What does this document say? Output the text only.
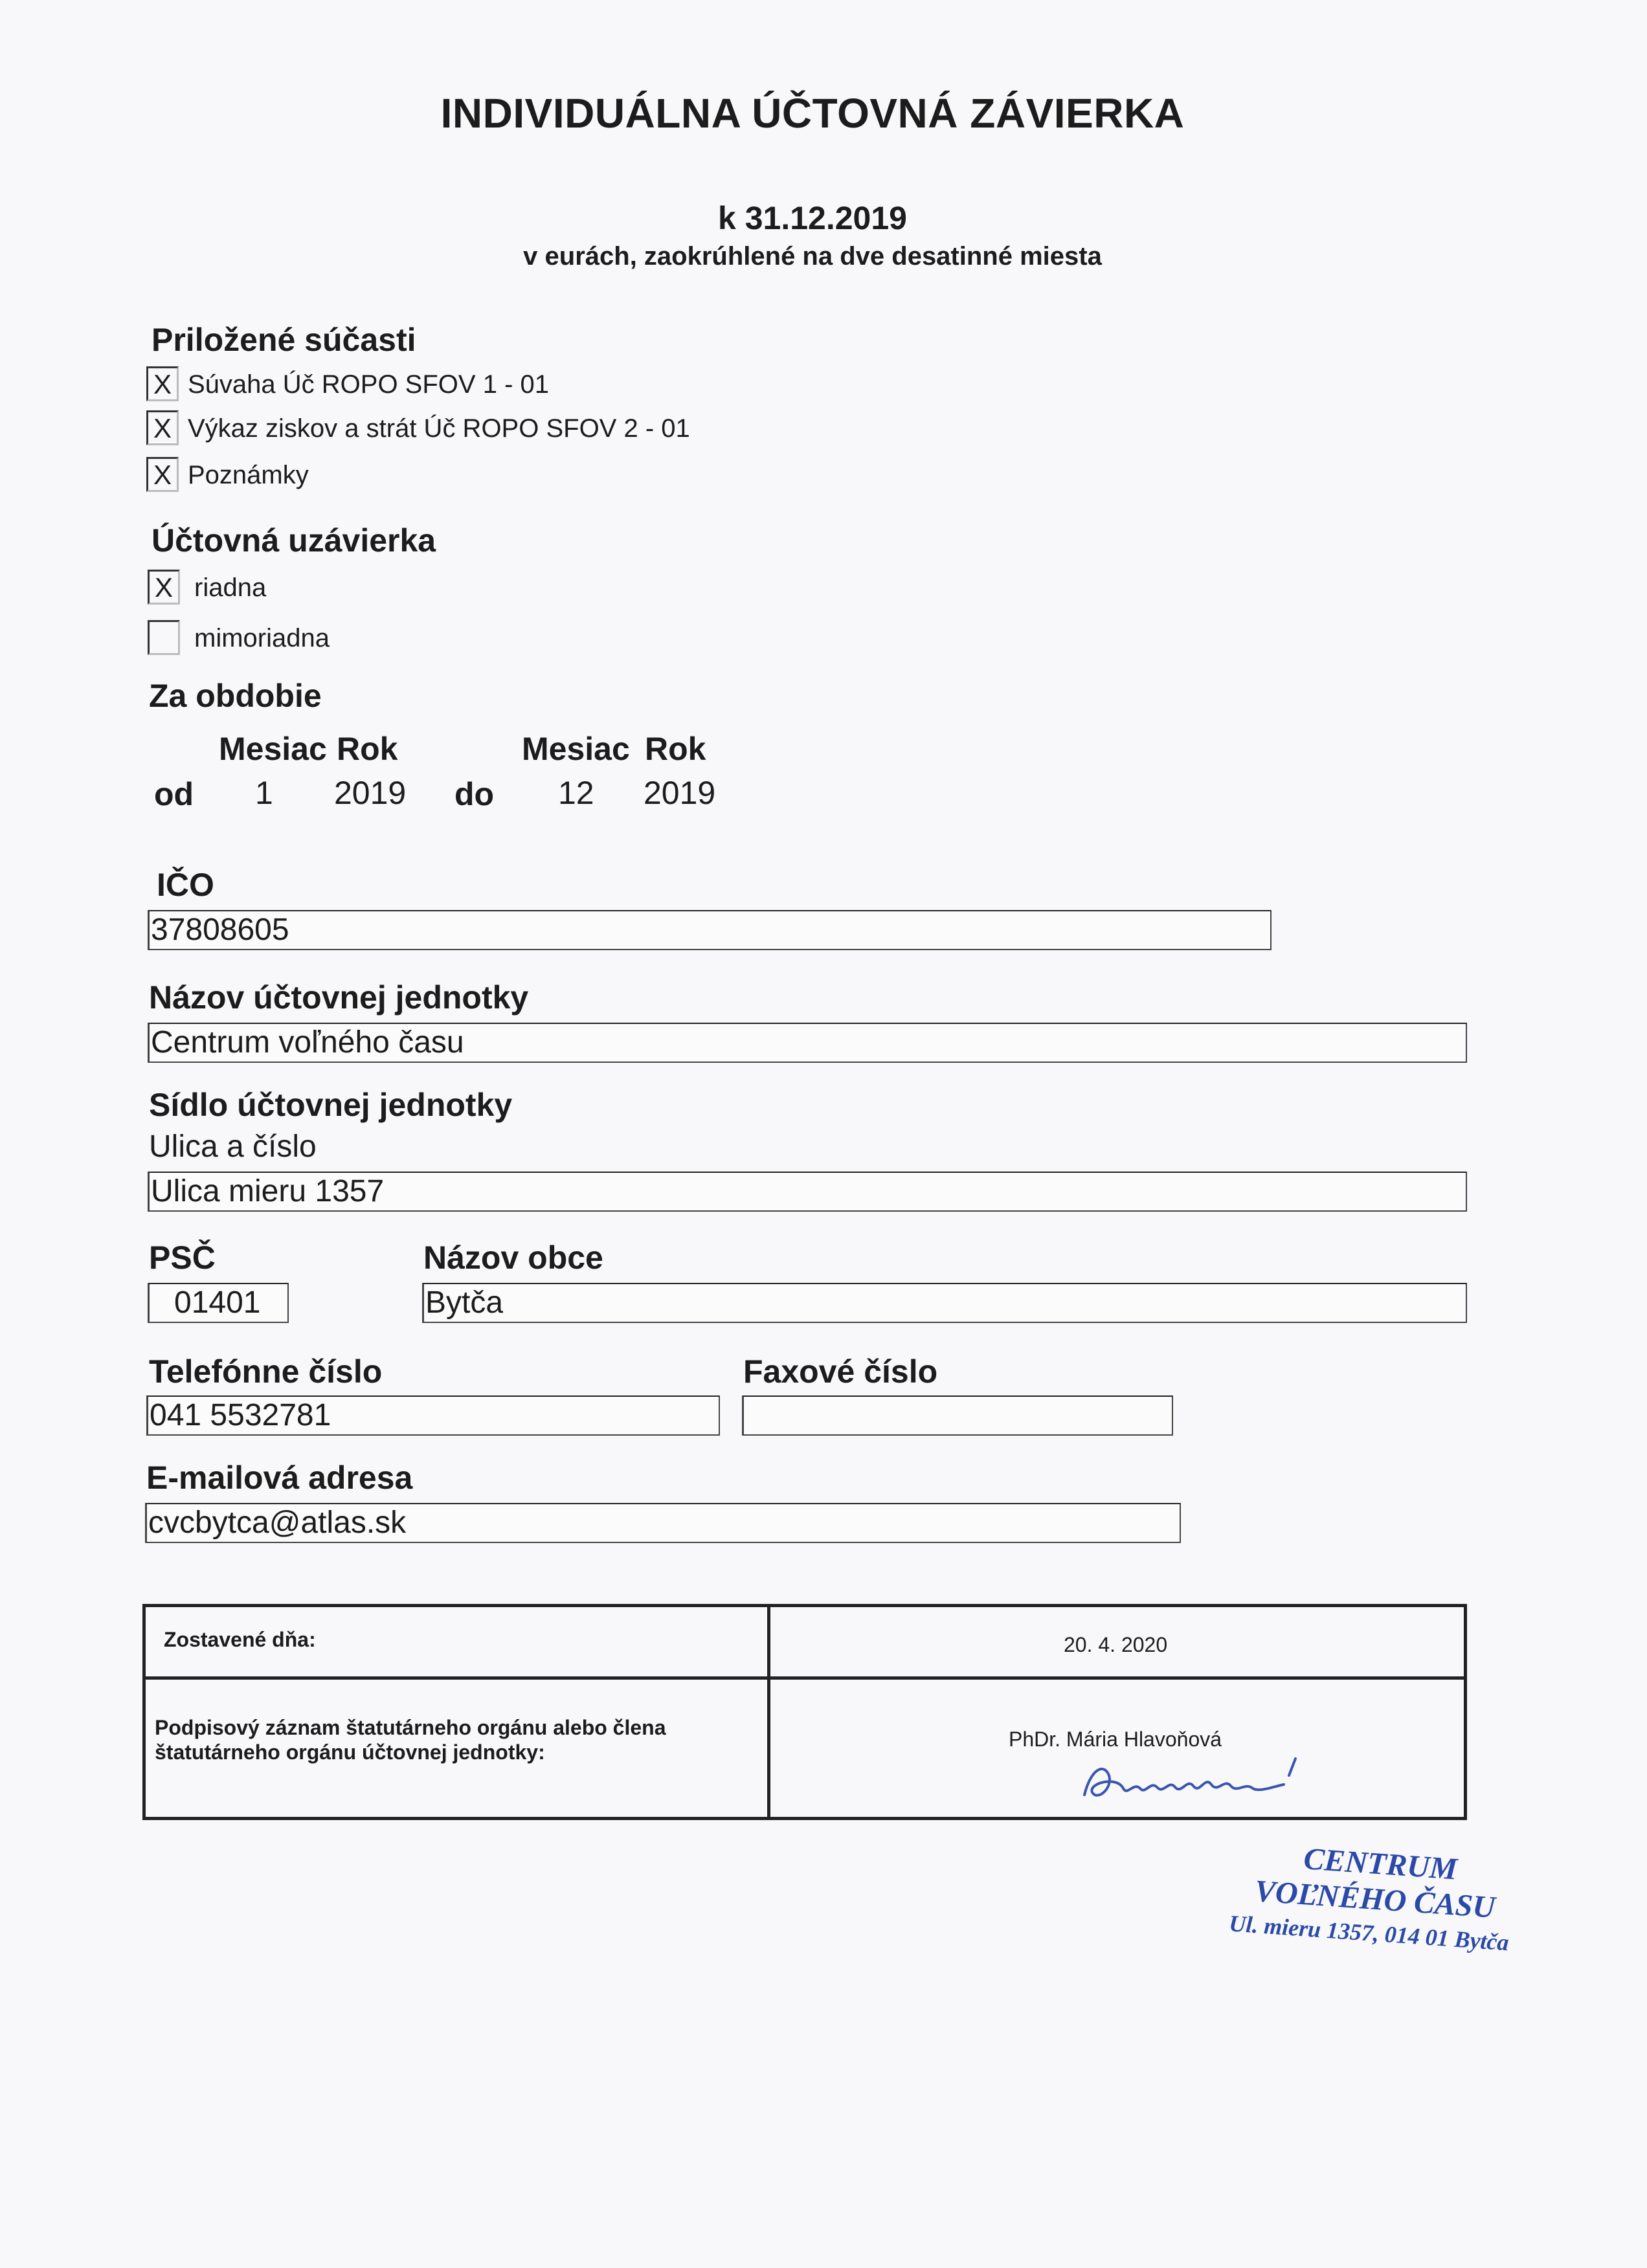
INDIVIDUÁLNA ÚČTOVNÁ ZÁVIERKA
k 31.12.2019
v eurách, zaokrúhlené na dve desatinné miesta
Priložené súčasti
X Súvaha Úč ROPO SFOV 1 - 01
X Výkaz ziskov a strát Úč ROPO SFOV 2 - 01
X Poznámky
Účtovná uzávierka
X riadna
mimoriadna
Za obdobie
Mesiac Rok	Mesiac Rok
od 1 2019 do 12 2019
IČO
37808605
Názov účtovnej jednotky
Centrum voľného času
Sídlo účtovnej jednotky
Ulica a číslo
Ulica mieru 1357
PSČ	Názov obce
01401	Bytča
Telefónne číslo	Faxové číslo
041 5532781
E-mailová adresa
cvcbytca@atlas.sk
Zostavené dňa:	20. 4. 2020
Podpisový záznam štatutárneho orgánu alebo člena
štatutárneho orgánu účtovnej jednotky:
PhDr. Mária Hlavoňová
CENTRUM
VOĽNÉHO ČASU
Ul. mieru 1357, 014 01 Bytča
